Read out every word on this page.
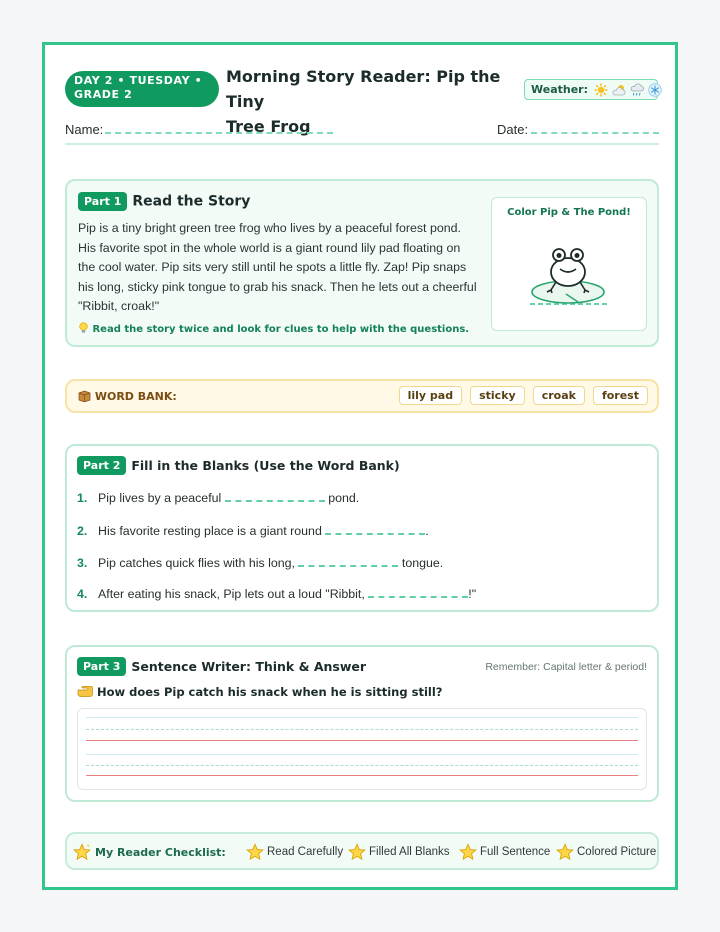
DAY 2 • TUESDAY •
GRADE 2
Morning Story Reader: Pip the Tiny
Tree Frog
Weather:
Name:	Date:
Part 1 Read the Story
Pip is a tiny bright green tree frog who lives by a peaceful forest pond. His favorite spot in the whole world is a giant round lily pad floating on the cool water. Pip sits very still until he spots a little fly. Zap! Pip snaps his long, sticky pink tongue to grab his snack. Then he lets out a cheerful "Ribbit, croak!"
Read the story twice and look for clues to help with the questions.
Color Pip & The Pond!
WORD BANK:	lily pad	sticky	croak	forest
Part 2 Fill in the Blanks (Use the Word Bank)
1. Pip lives by a peaceful	pond.
2. His favorite resting place is a giant round	.
3. Pip catches quick flies with his long,	tongue.
4. After eating his snack, Pip lets out a loud "Ribbit,	!"
Part 3 Sentence Writer: Think & Answer	Remember: Capital letter & period!
How does Pip catch his snack when he is sitting still?
My Reader Checklist:	Read Carefully Filled All Blanks	Full Sentence Colored Picture
